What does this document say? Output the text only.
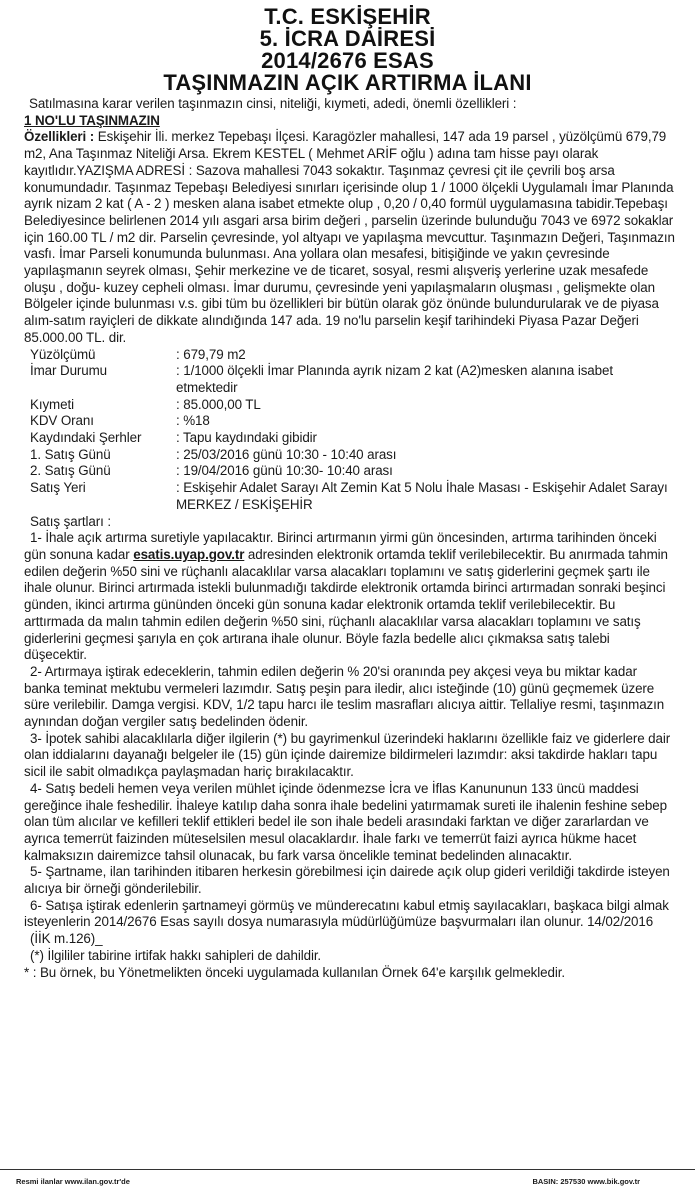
T.C. ESKİŞEHİR
5. İCRA DAİRESİ
2014/2676 ESAS
TAŞINMAZIN AÇIK ARTIRMA İLANI

Satılmasına karar verilen taşınmazın cinsi, niteliği, kıymeti, adedi, önemli özellikleri :

1 NO'LU TAŞINMAZIN

Özellikleri : Eskişehir İli. merkez Tepebaşı İlçesi. Karagözler mahallesi, 147 ada 19 parsel , yüzölçümü 679,79 m2, Ana Taşınmaz Niteliği Arsa. Ekrem KESTEL ( Mehmet ARİF oğlu ) adına tam hisse payı olarak kayıtlıdır.YAZIŞMA ADRESİ : Sazova mahallesi 7043 sokaktır. Taşınmaz çevresi çit ile çevrili boş arsa konumundadır. Taşınmaz Tepebaşı Belediyesi sınırları içerisinde olup 1 / 1000 ölçekli Uygulamalı İmar Planında ayrık nizam 2 kat ( A - 2 ) mesken alana isabet etmekte olup , 0,20 / 0,40 formül uygulamasına tabidir.Tepebaşı Belediyesince belirlenen 2014 yılı asgari arsa birim değeri , parselin üzerinde bulunduğu 7043 ve 6972 sokaklar için 160.00 TL / m2 dir. Parselin çevresinde, yol altyapı ve yapılaşma mevcuttur. Taşınmazın Değeri, Taşınmazın vasfı. İmar Parseli konumunda bulunması. Ana yollara olan mesafesi, bitişiğinde ve yakın çevresinde yapılaşmanın seyrek olması, Şehir merkezine ve de ticaret, sosyal, resmi alışveriş yerlerine uzak mesafede oluşu , doğu- kuzey cepheli olması. İmar durumu, çevresinde yeni yapılaşmaların oluşması , gelişmekte olan Bölgeler içinde bulunması v.s. gibi tüm bu özellikleri bir bütün olarak göz önünde bulundurularak ve de piyasa alım-satım rayiçleri de dikkate alındığında 147 ada. 19 no'lu parselin keşif tarihindeki Piyasa Pazar Değeri 85.000.00 TL. dir.

Yüzölçümü	: 679,79 m2
İmar Durumu	: 1/1000 ölçekli İmar Planında ayrık nizam 2 kat (A2)mesken alanına isabet etmektedir
Kıymeti	: 85.000,00 TL
KDV Oranı	: %18
Kaydındaki Şerhler	: Tapu kaydındaki gibidir
1. Satış Günü	: 25/03/2016 günü 10:30 - 10:40 arası
2. Satış Günü	: 19/04/2016 günü 10:30- 10:40 arası
Satış Yeri	: Eskişehir Adalet Sarayı Alt Zemin Kat 5 Nolu İhale Masası - Eskişehir Adalet Sarayı MERKEZ / ESKİŞEHİR

Satış şartları :

1- İhale açık artırma suretiyle yapılacaktır. Birinci artırmanın yirmi gün öncesinden, artırma tarihinden önceki gün sonuna kadar esatis.uyap.gov.tr adresinden elektronik ortamda teklif verilebilecektir. Bu anırmada tahmin edilen değerin %50 sini ve rüçhanlı alacaklılar varsa alacakları toplamını ve satış giderlerini geçmek şartı ile ihale olunur. Birinci artırmada istekli bulunmadığı takdirde elektronik ortamda birinci artırmadan sonraki beşinci günden, ikinci artırma gününden önceki gün sonuna kadar elektronik ortamda teklif verilebilecektir. Bu arttırmada da malın tahmin edilen değerin %50 sini, rüçhanlı alacaklılar varsa alacakları toplamını ve satış giderlerini geçmesi şarıyla en çok artırana ihale olunur. Böyle fazla bedelle alıcı çıkmaksa satış talebi düşecektir.

2- Artırmaya iştirak edeceklerin, tahmin edilen değerin % 20'si oranında pey akçesi veya bu miktar kadar banka teminat mektubu vermeleri lazımdır. Satış peşin para iledir, alıcı isteğinde (10) günü geçmemek üzere süre verilebilir. Damga vergisi. KDV, 1/2 tapu harcı ile teslim masrafları alıcıya aittir. Tellaliye resmi, taşınmazın aynından doğan vergiler satış bedelinden ödenir.

3- İpotek sahibi alacaklılarla diğer ilgilerin (*) bu gayrimenkul üzerindeki haklarını özellikle faiz ve giderlere dair olan iddialarını dayanağı belgeler ile (15) gün içinde dairemize bildirmeleri lazımdır: aksi takdirde hakları tapu sicil ile sabit olmadıkça paylaşmadan hariç bırakılacaktır.

4- Satış bedeli hemen veya verilen mühlet içinde ödenmezse İcra ve İflas Kanununun 133 üncü maddesi gereğince ihale feshedilir. İhaleye katılıp daha sonra ihale bedelini yatırmamak sureti ile ihalenin feshine sebep olan tüm alıcılar ve kefilleri teklif ettikleri bedel ile son ihale bedeli arasındaki farktan ve diğer zararlardan ve ayrıca temerrüt faizinden müteselsilen mesul olacaklardır. İhale farkı ve temerrüt faizi ayrıca hükme hacet kalmaksızın dairemizce tahsil olunacak, bu fark varsa öncelikle teminat bedelinden alınacaktır.

5- Şartname, ilan tarihinden itibaren herkesin görebilmesi için dairede açık olup gideri verildiği takdirde isteyen alıcıya bir örneği gönderilebilir.

6- Satışa iştirak edenlerin şartnameyi görmüş ve münderecatını kabul etmiş sayılacakları, başkaca bilgi almak isteyenlerin 2014/2676 Esas sayılı dosya numarasıyla müdürlüğümüze başvurmaları ilan olunur. 14/02/2016

(İİK m.126)_

(*) İlgililer tabirine irtifak hakkı sahipleri de dahildir.

* : Bu örnek, bu Yönetmelikten önceki uygulamada kullanılan Örnek 64'e karşılık gelmekledir.

Resmi ilanlar www.ilan.gov.tr'de	BASIN: 257530 www.bik.gov.tr
